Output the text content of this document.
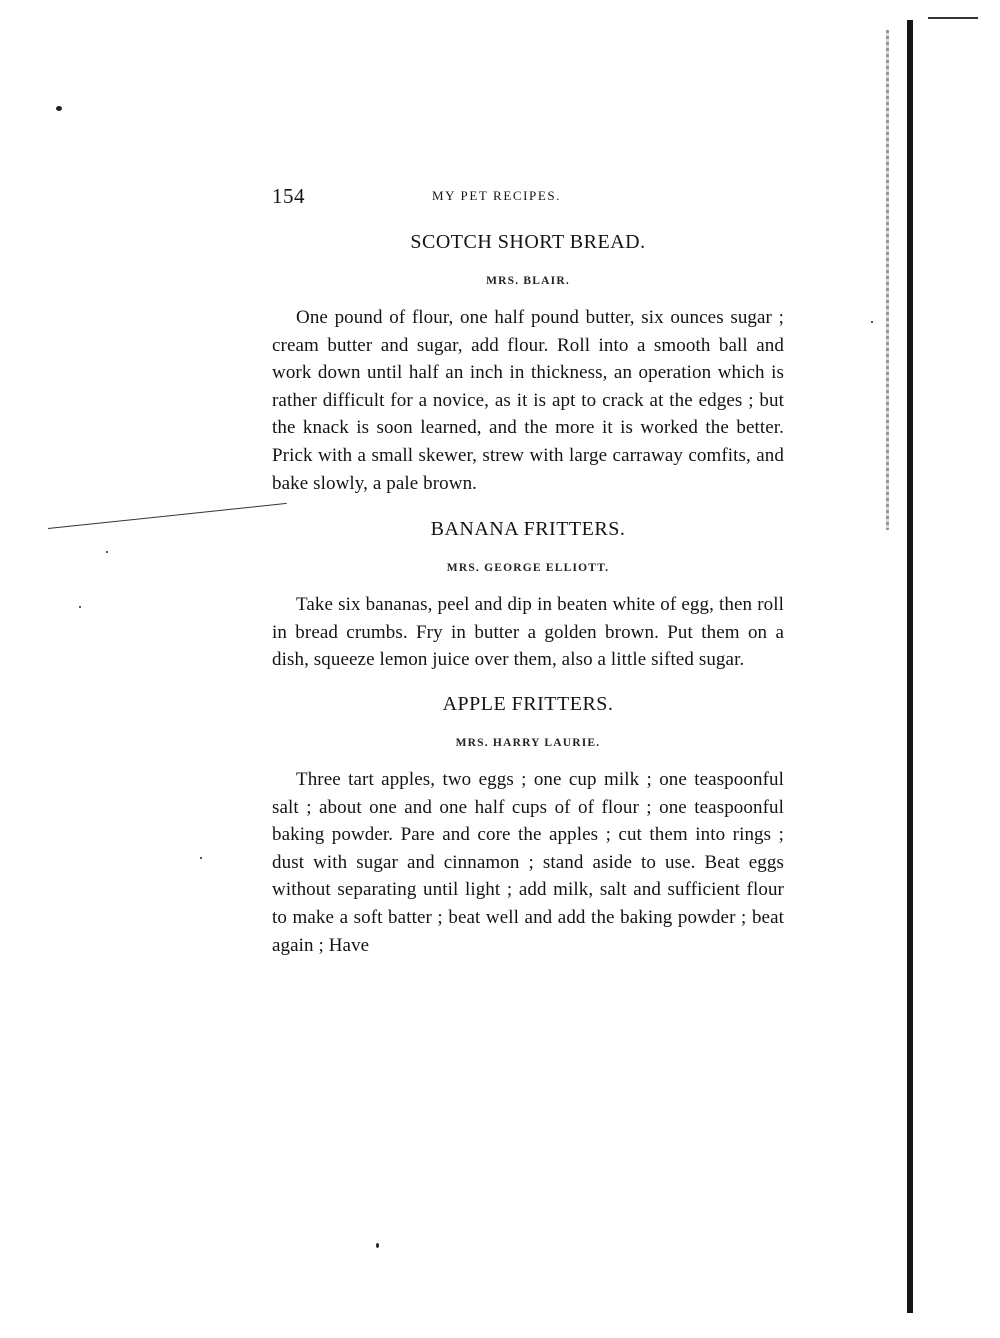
154	MY PET RECIPES.
SCOTCH SHORT BREAD.
MRS. BLAIR.

One pound of flour, one half pound butter, six ounces sugar ; cream butter and sugar, add flour. Roll into a smooth ball and work down until half an inch in thickness, an operation which is rather difficult for a novice, as it is apt to crack at the edges ; but the knack is soon learned, and the more it is worked the better. Prick with a small skewer, strew with large carraway comfits, and bake slowly, a pale brown.

BANANA FRITTERS.
MRS. GEORGE ELLIOTT.

Take six bananas, peel and dip in beaten white of egg, then roll in bread crumbs. Fry in butter a golden brown. Put them on a dish, squeeze lemon juice over them, also a little sifted sugar.

APPLE FRITTERS.
MRS. HARRY LAURIE.

Three tart apples, two eggs ; one cup milk ; one teaspoonful salt ; about one and one half cups of of flour ; one teaspoonful baking powder. Pare and core the apples ; cut them into rings ; dust with sugar and cinnamon ; stand aside to use. Beat eggs without separating until light ; add milk, salt and sufficient flour to make a soft batter ; beat well and add the baking powder ; beat again ; Have
